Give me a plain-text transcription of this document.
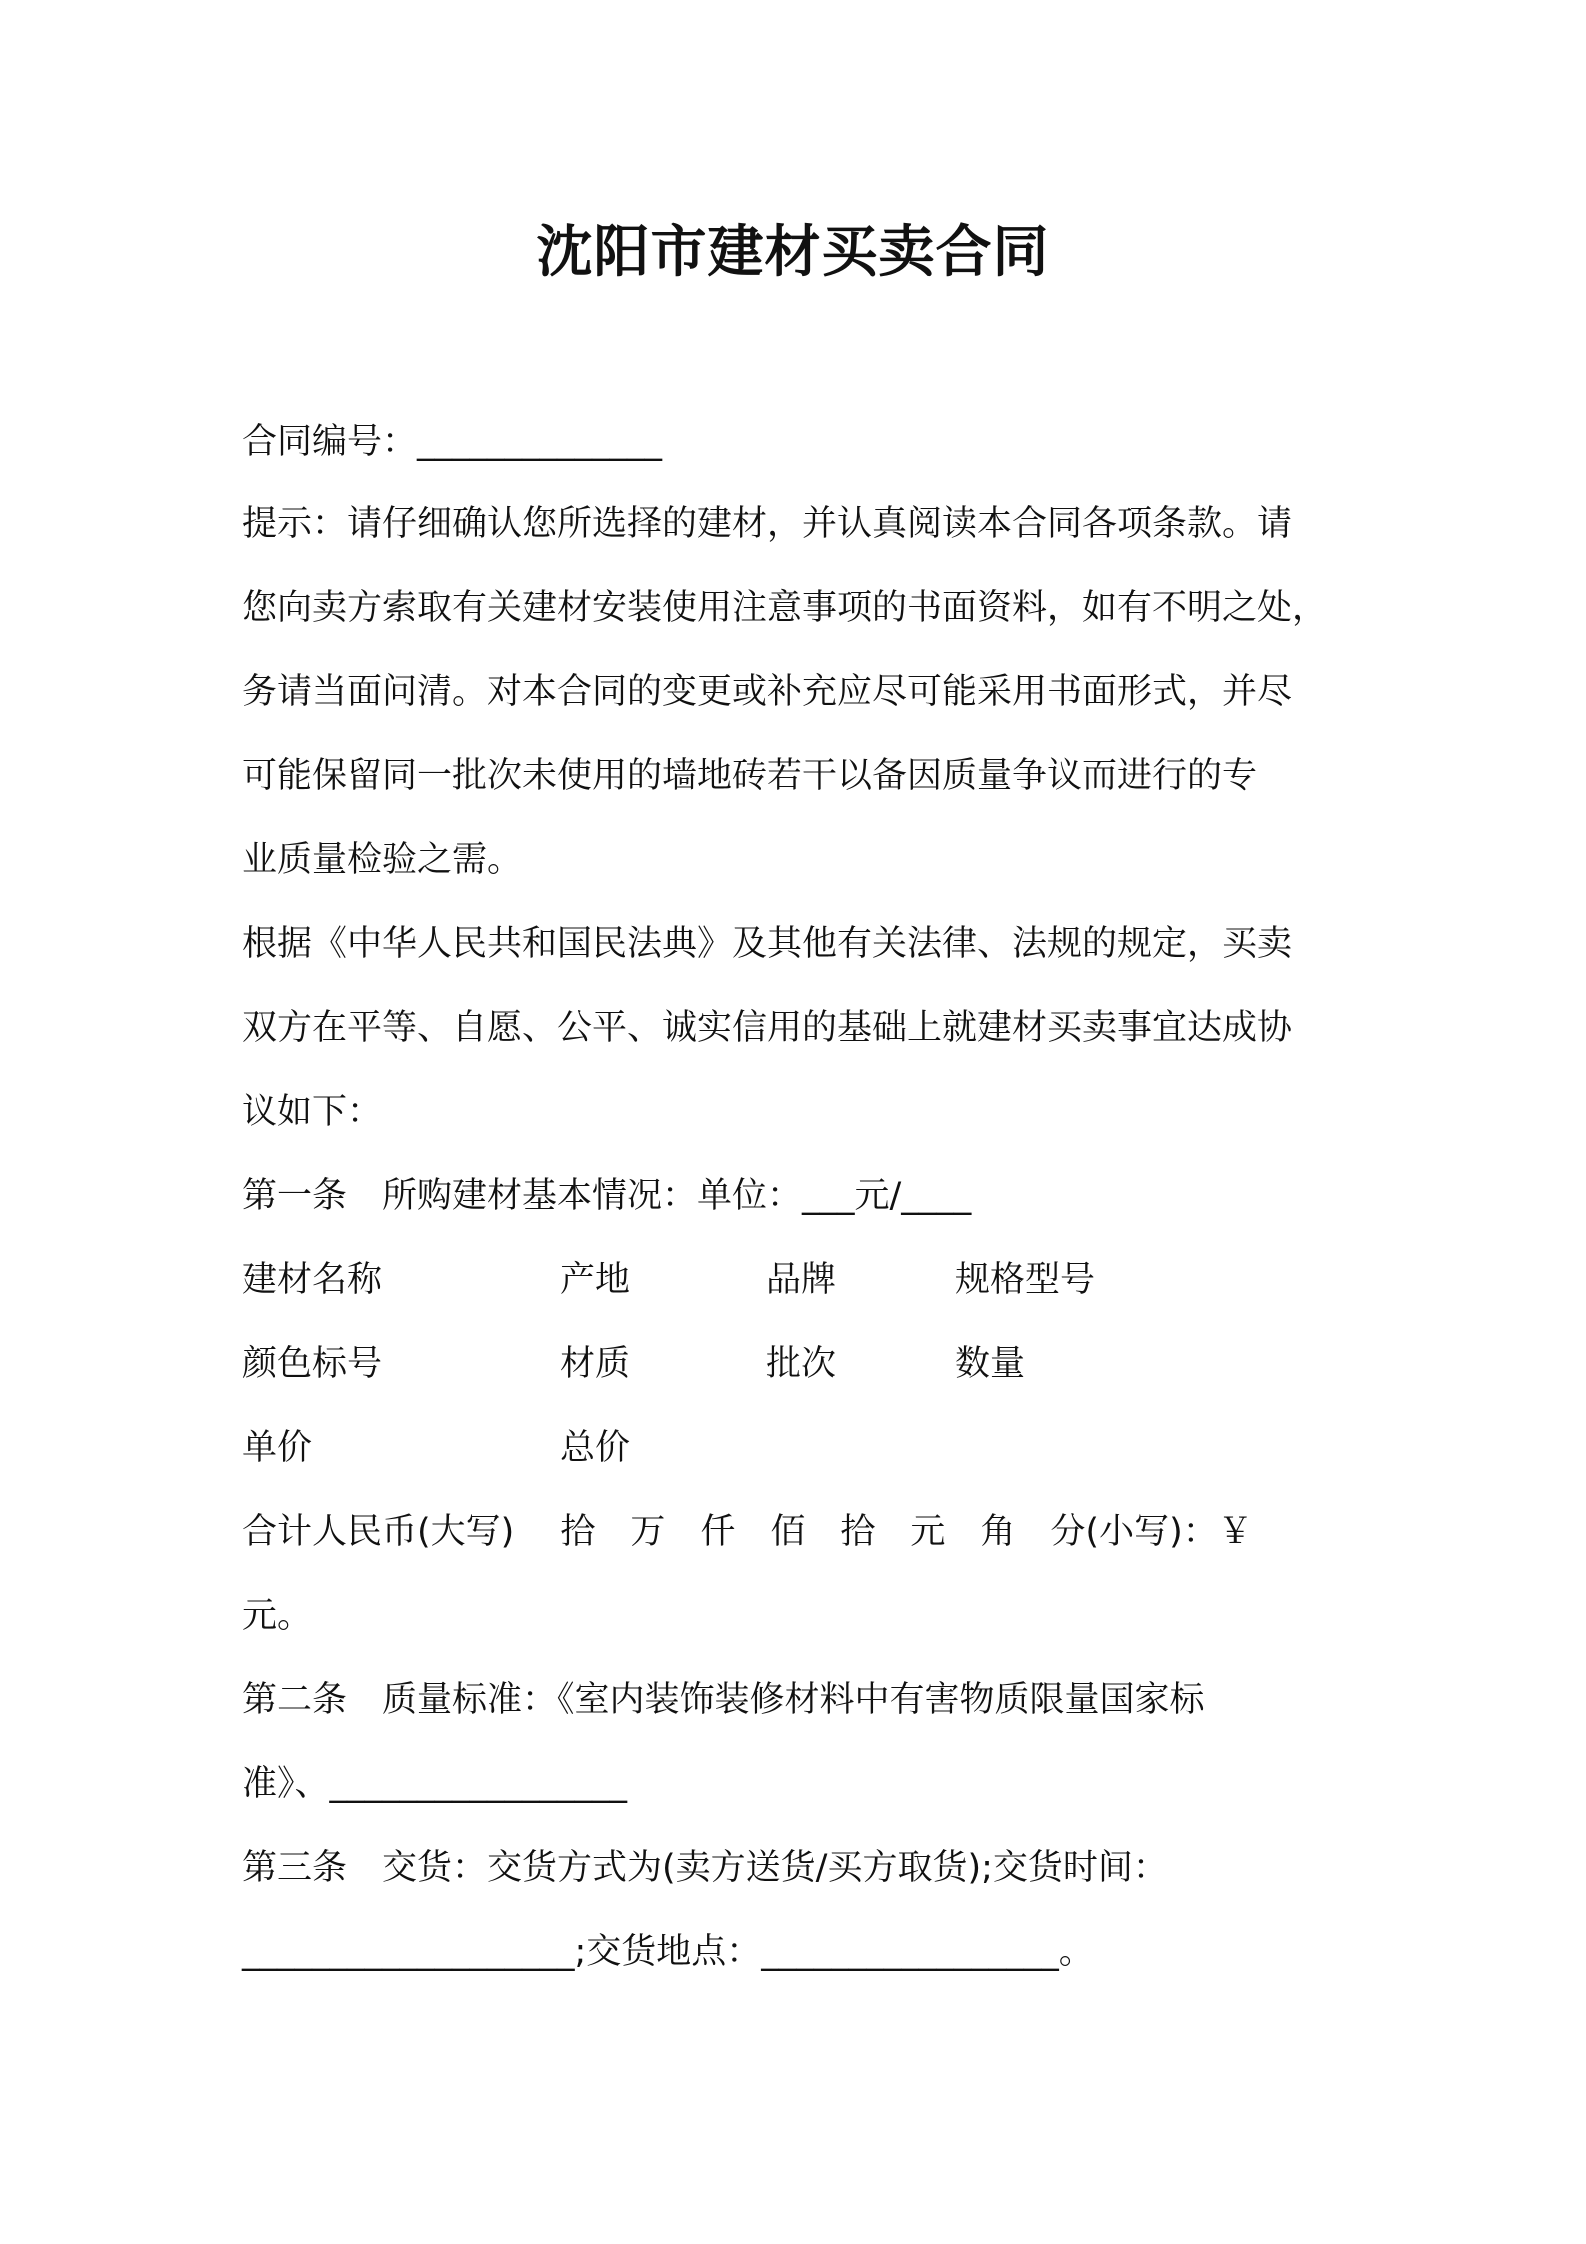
沈阳市建材买卖合同
合同编号：______________
提示：请仔细确认您所选择的建材，并认真阅读本合同各项条款。请
您向卖方索取有关建材安装使用注意事项的书面资料，如有不明之处，
务请当面问清。对本合同的变更或补充应尽可能采用书面形式，并尽
可能保留同一批次未使用的墙地砖若干以备因质量争议而进行的专
业质量检验之需。
根据《中华人民共和国民法典》及其他有关法律、法规的规定，买卖
双方在平等、自愿、公平、诚实信用的基础上就建材买卖事宜达成协
议如下：
第一条　所购建材基本情况：单位：___元/____
建材名称	产地	品牌	规格型号
颜色标号	材质	批次	数量
单价	总价
合计人民币(大写)　 拾　万　仟　佰　拾　元　角　分(小写)：￥
元。
第二条　质量标准：《室内装饰装修材料中有害物质限量国家标
准》、_________________
第三条　交货：交货方式为(卖方送货/买方取货);交货时间：
___________________;交货地点：_________________。
